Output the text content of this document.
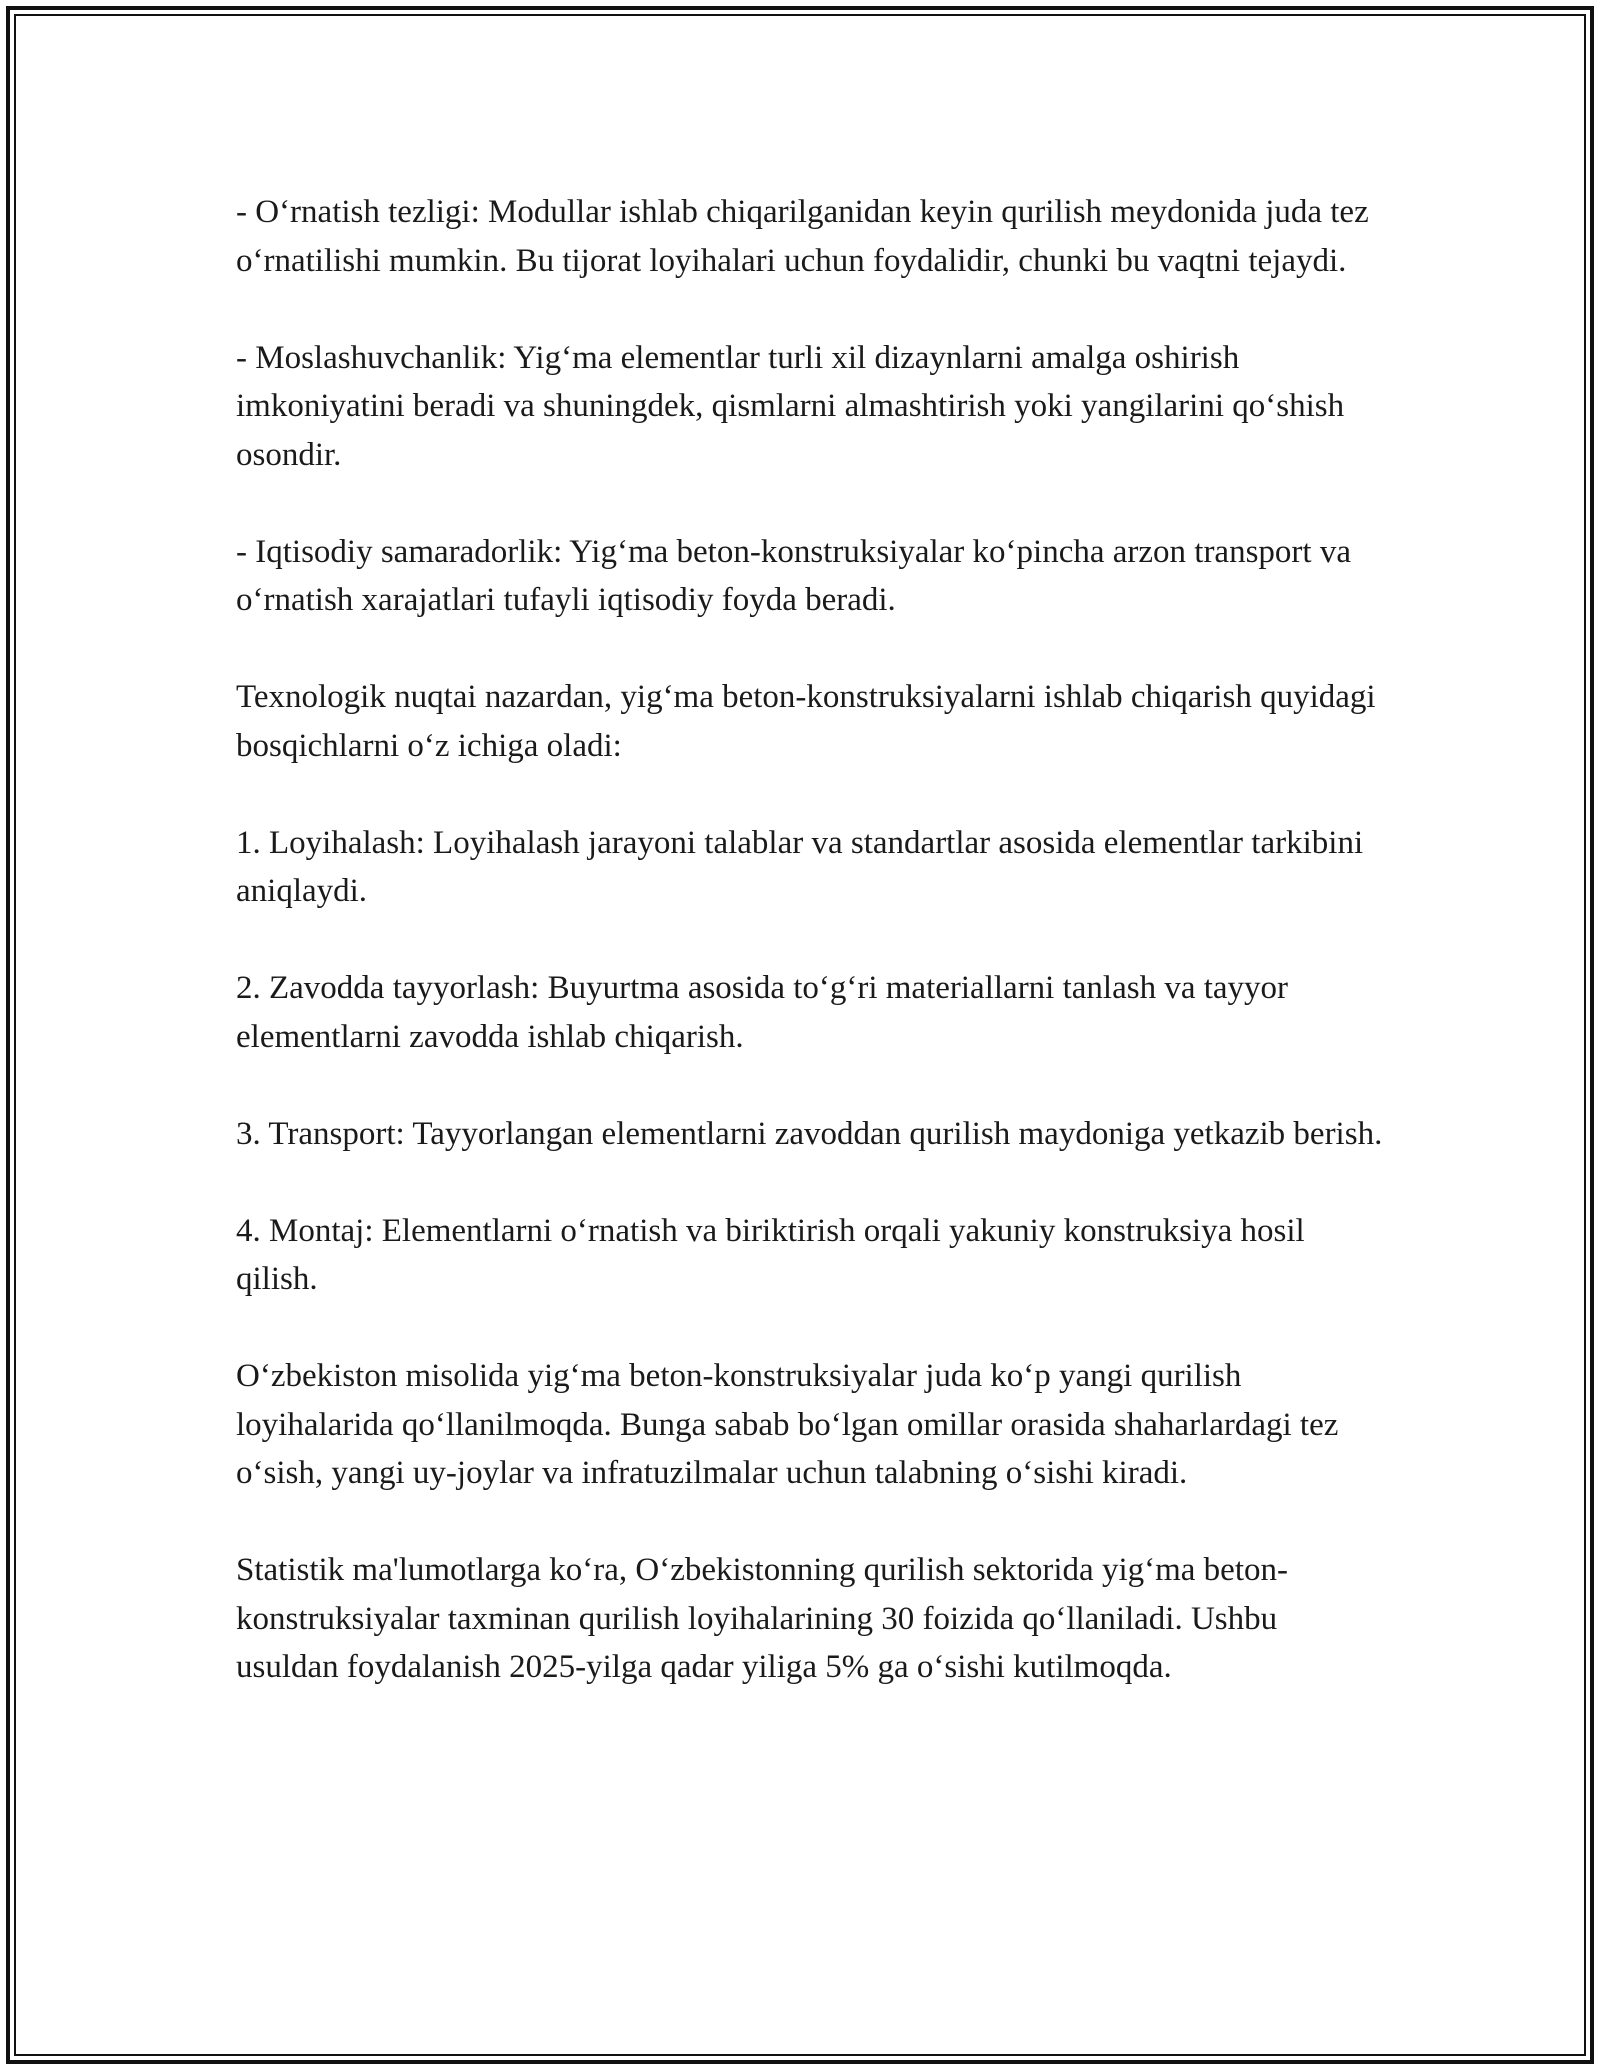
- O‘rnatish tezligi: Modullar ishlab chiqarilganidan keyin qurilish meydonida juda tez o‘rnatilishi mumkin. Bu tijorat loyihalari uchun foydalidir, chunki bu vaqtni tejaydi.

- Moslashuvchanlik: Yig‘ma elementlar turli xil dizaynlarni amalga oshirish imkoniyatini beradi va shuningdek, qismlarni almashtirish yoki yangilarini qo‘shish osondir.

- Iqtisodiy samaradorlik: Yig‘ma beton-konstruksiyalar ko‘pincha arzon transport va o‘rnatish xarajatlari tufayli iqtisodiy foyda beradi.

Texnologik nuqtai nazardan, yig‘ma beton-konstruksiyalarni ishlab chiqarish quyidagi bosqichlarni o‘z ichiga oladi:

1. Loyihalash: Loyihalash jarayoni talablar va standartlar asosida elementlar tarkibini aniqlaydi.

2. Zavodda tayyorlash: Buyurtma asosida to‘g‘ri materiallarni tanlash va tayyor elementlarni zavodda ishlab chiqarish.

3. Transport: Tayyorlangan elementlarni zavoddan qurilish maydoniga yetkazib berish.

4. Montaj: Elementlarni o‘rnatish va biriktirish orqali yakuniy konstruksiya hosil qilish.

O‘zbekiston misolida yig‘ma beton-konstruksiyalar juda ko‘p yangi qurilish loyihalarida qo‘llanilmoqda. Bunga sabab bo‘lgan omillar orasida shaharlardagi tez o‘sish, yangi uy-joylar va infratuzilmalar uchun talabning o‘sishi kiradi.

Statistik ma'lumotlarga ko‘ra, O‘zbekistonning qurilish sektorida yig‘ma beton-konstruksiyalar taxminan qurilish loyihalarining 30 foizida qo‘llaniladi. Ushbu usuldan foydalanish 2025-yilga qadar yiliga 5% ga o‘sishi kutilmoqda.
